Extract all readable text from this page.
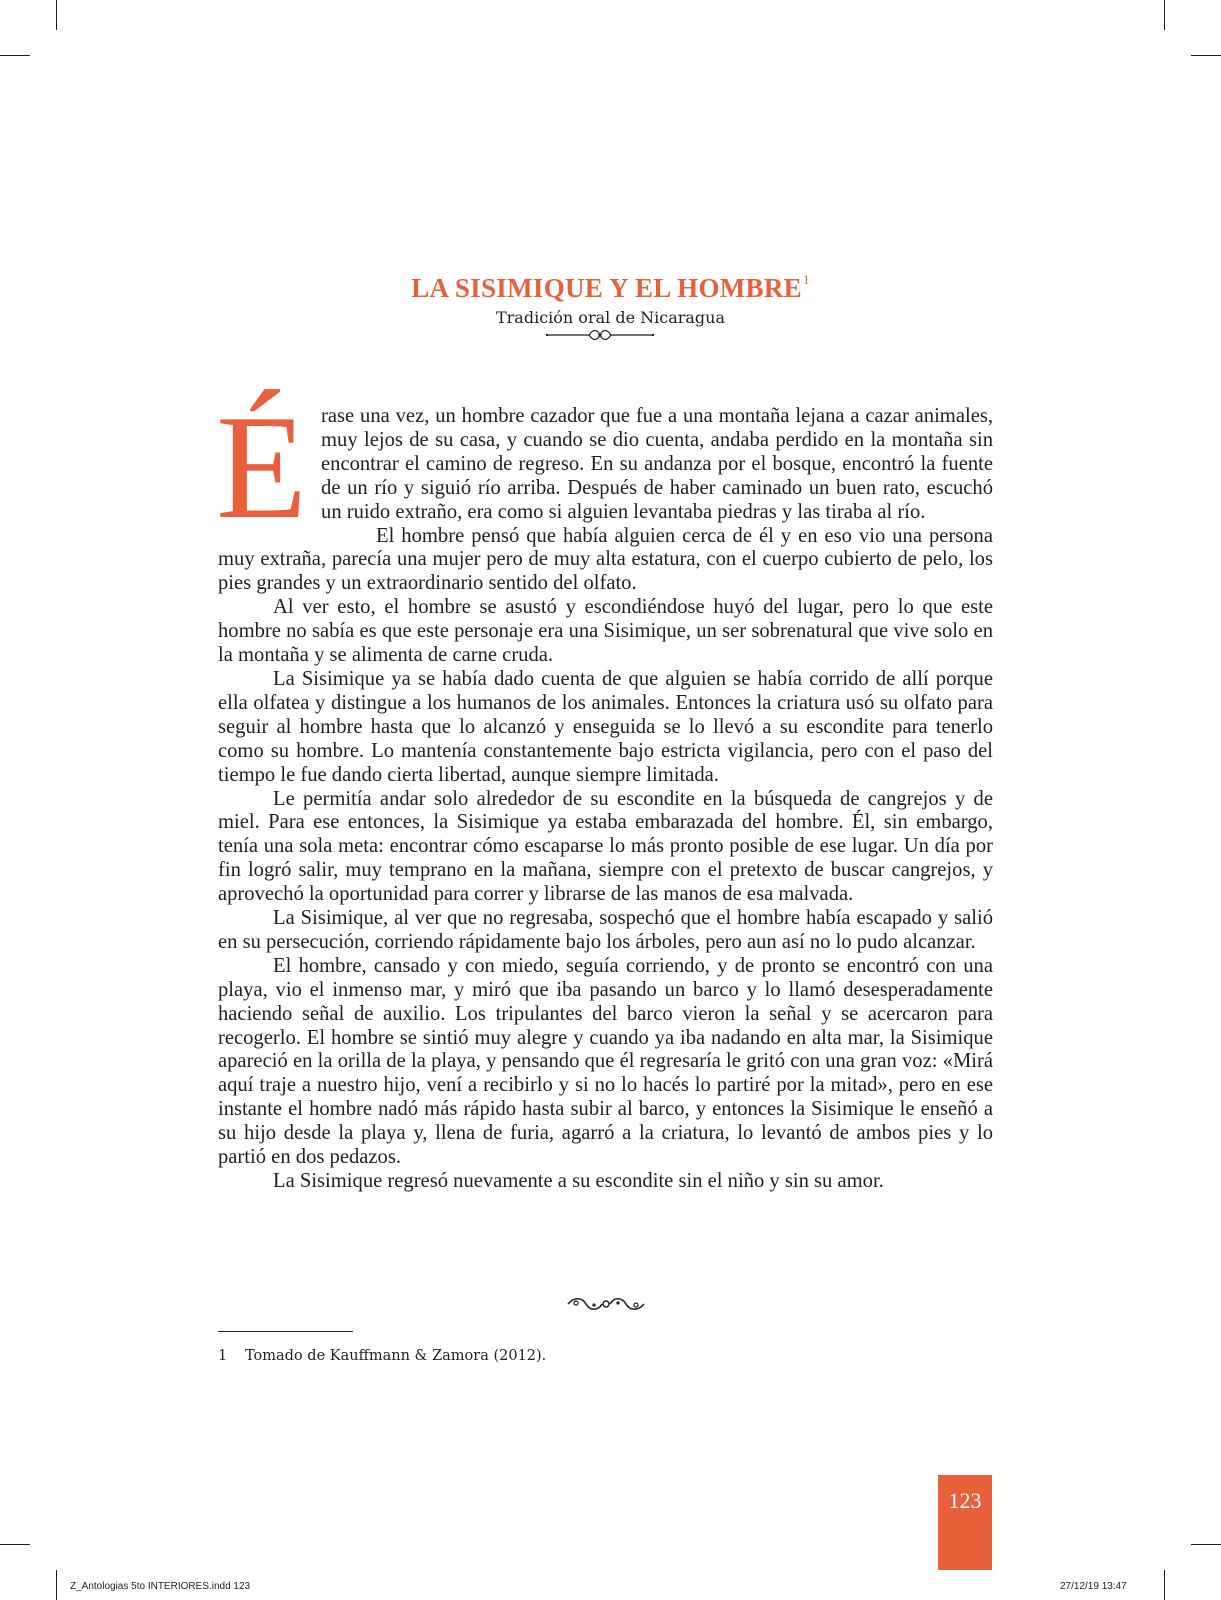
LA SISIMIQUE Y EL HOMBRE$^1$

Tradición oral de Nicaragua

Érase una vez, un hombre cazador que fue a una montaña lejana a cazar animales, muy lejos de su casa, y cuando se dio cuenta, andaba perdido en la montaña sin encontrar el camino de regreso. En su andanza por el bosque, encontró la fuente de un río y siguió río arriba. Después de haber caminado un buen rato, escuchó un ruido extraño, era como si alguien levantaba piedras y las tiraba al río.

El hombre pensó que había alguien cerca de él y en eso vio una persona muy extraña, parecía una mujer pero de muy alta estatura, con el cuerpo cubierto de pelo, los pies grandes y un extraordinario sentido del olfato.

Al ver esto, el hombre se asustó y escondiéndose huyó del lugar, pero lo que este hombre no sabía es que este personaje era una Sisimique, un ser sobrenatural que vive solo en la montaña y se alimenta de carne cruda.

La Sisimique ya se había dado cuenta de que alguien se había corrido de allí porque ella olfatea y distingue a los humanos de los animales. Entonces la criatura usó su olfato para seguir al hombre hasta que lo alcanzó y enseguida se lo llevó a su escondite para tenerlo como su hombre. Lo mantenía constantemente bajo estricta vigilancia, pero con el paso del tiempo le fue dando cierta libertad, aunque siempre limitada.

Le permitía andar solo alrededor de su escondite en la búsqueda de cangrejos y de miel. Para ese entonces, la Sisimique ya estaba embarazada del hombre. Él, sin embargo, tenía una sola meta: encontrar cómo escaparse lo más pronto posible de ese lugar. Un día por fin logró salir, muy temprano en la mañana, siempre con el pretexto de buscar cangrejos, y aprovechó la oportunidad para correr y librarse de las manos de esa malvada.

La Sisimique, al ver que no regresaba, sospechó que el hombre había escapado y salió en su persecución, corriendo rápidamente bajo los árboles, pero aun así no lo pudo alcanzar.

El hombre, cansado y con miedo, seguía corriendo, y de pronto se encontró con una playa, vio el inmenso mar, y miró que iba pasando un barco y lo llamó desesperadamente haciendo señal de auxilio. Los tripulantes del barco vieron la señal y se acercaron para recogerlo. El hombre se sintió muy alegre y cuando ya iba nadando en alta mar, la Sisimique apareció en la orilla de la playa, y pensando que él regresaría le gritó con una gran voz: «Mirá aquí traje a nuestro hijo, vení a recibirlo y si no lo hacés lo partiré por la mitad», pero en ese instante el hombre nadó más rápido hasta subir al barco, y entonces la Sisimique le enseñó a su hijo desde la playa y, llena de furia, agarró a la criatura, lo levantó de ambos pies y lo partió en dos pedazos.

La Sisimique regresó nuevamente a su escondite sin el niño y sin su amor.

1 Tomado de Kauffmann & Zamora (2012).

123
Z_Antologias 5to INTERIORES.indd 123	27/12/19 13:47
